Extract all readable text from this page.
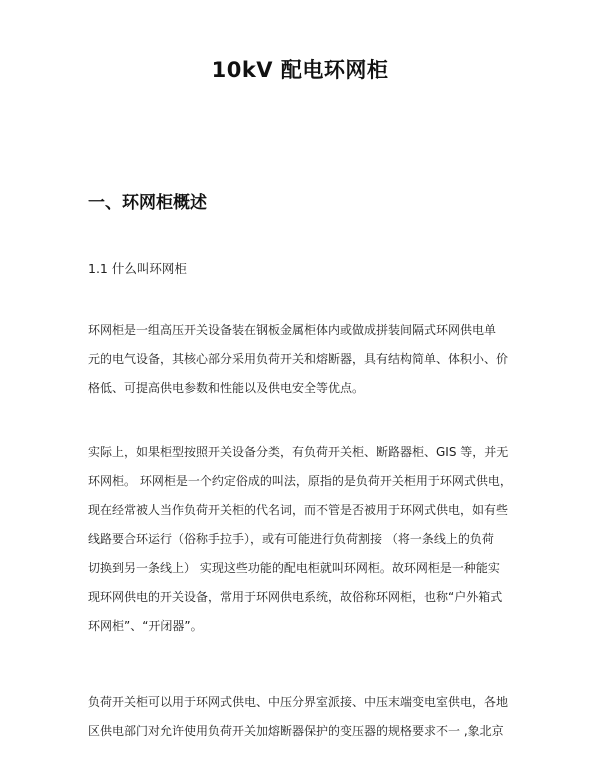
10kV 配电环网柜
一、环网柜概述
1.1 什么叫环网柜

环网柜是一组高压开关设备装在钢板金属柜体内或做成拼装间隔式环网供电单
元的电气设备，其核心部分采用负荷开关和熔断器，具有结构简单、体积小、价
格低、可提高供电参数和性能以及供电安全等优点。

实际上，如果柜型按照开关设备分类，有负荷开关柜、断路器柜、GIS 等，并无
环网柜。 环网柜是一个约定俗成的叫法，原指的是负荷开关柜用于环网式供电，
现在经常被人当作负荷开关柜的代名词，而不管是否被用于环网式供电，如有些
线路要合环运行（俗称手拉手），或有可能进行负荷割接 （将一条线上的负荷
切换到另一条线上） 实现这些功能的配电柜就叫环网柜。故环网柜是一种能实
现环网供电的开关设备，常用于环网供电系统，故俗称环网柜，也称“户外箱式
环网柜”、“开闭器”。

负荷开关柜可以用于环网式供电、中压分界室派接、中压末端变电室供电，各地
区供电部门对允许使用负荷开关加熔断器保护的变压器的规格要求不一 ,象北京
